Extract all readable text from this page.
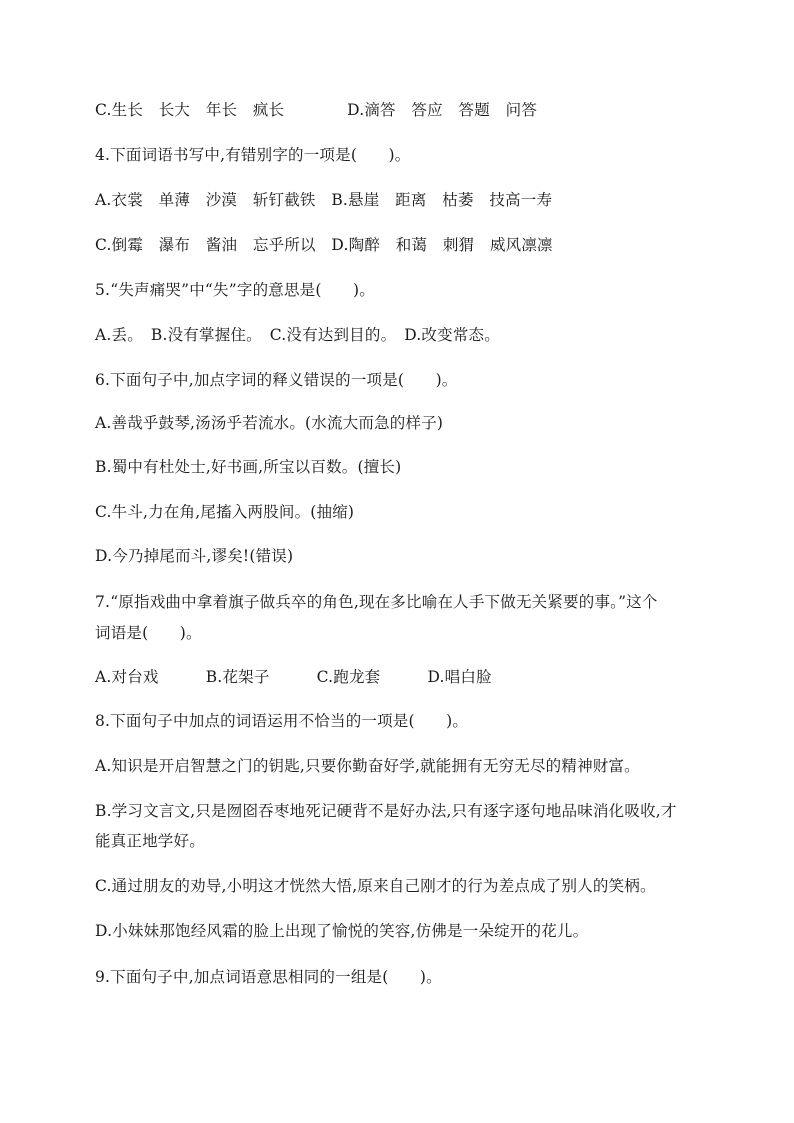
C.生长　长大　年长　疯长　　　　D.滴答　答应　答题　问答
4.下面词语书写中,有错别字的一项是(　　)。
A.衣裳　单薄　沙漠　斩钉截铁　B.悬崖　距离　枯萎　技高一寿
C.倒霉　瀑布　酱油　忘乎所以　D.陶醉　和蔼　刺猬　威风凛凛
5.“失声痛哭”中“失”字的意思是(　　)。
A.丢。　B.没有掌握住。　C.没有达到目的。　D.改变常态。
6.下面句子中,加点字词的释义错误的一项是(　　)。
A.善哉乎鼓琴,汤汤乎若流水。(水流大而急的样子)
B.蜀中有杜处士,好书画,所宝以百数。(擅长)
C.牛斗,力在角,尾搐入两股间。(抽缩)
D.今乃掉尾而斗,谬矣!(错误)
7.“原指戏曲中拿着旗子做兵卒的角色,现在多比喻在人手下做无关紧要的事。”这个
词语是(　　)。
A.对台戏　　　B.花架子　　　C.跑龙套　　　D.唱白脸
8.下面句子中加点的词语运用不恰当的一项是(　　)。
A.知识是开启智慧之门的钥匙,只要你勤奋好学,就能拥有无穷无尽的精神财富。
B.学习文言文,只是囫囵吞枣地死记硬背不是好办法,只有逐字逐句地品味消化吸收,才
能真正地学好。
C.通过朋友的劝导,小明这才恍然大悟,原来自己刚才的行为差点成了别人的笑柄。
D.小妹妹那饱经风霜的脸上出现了愉悦的笑容,仿佛是一朵绽开的花儿。
9.下面句子中,加点词语意思相同的一组是(　　)。
